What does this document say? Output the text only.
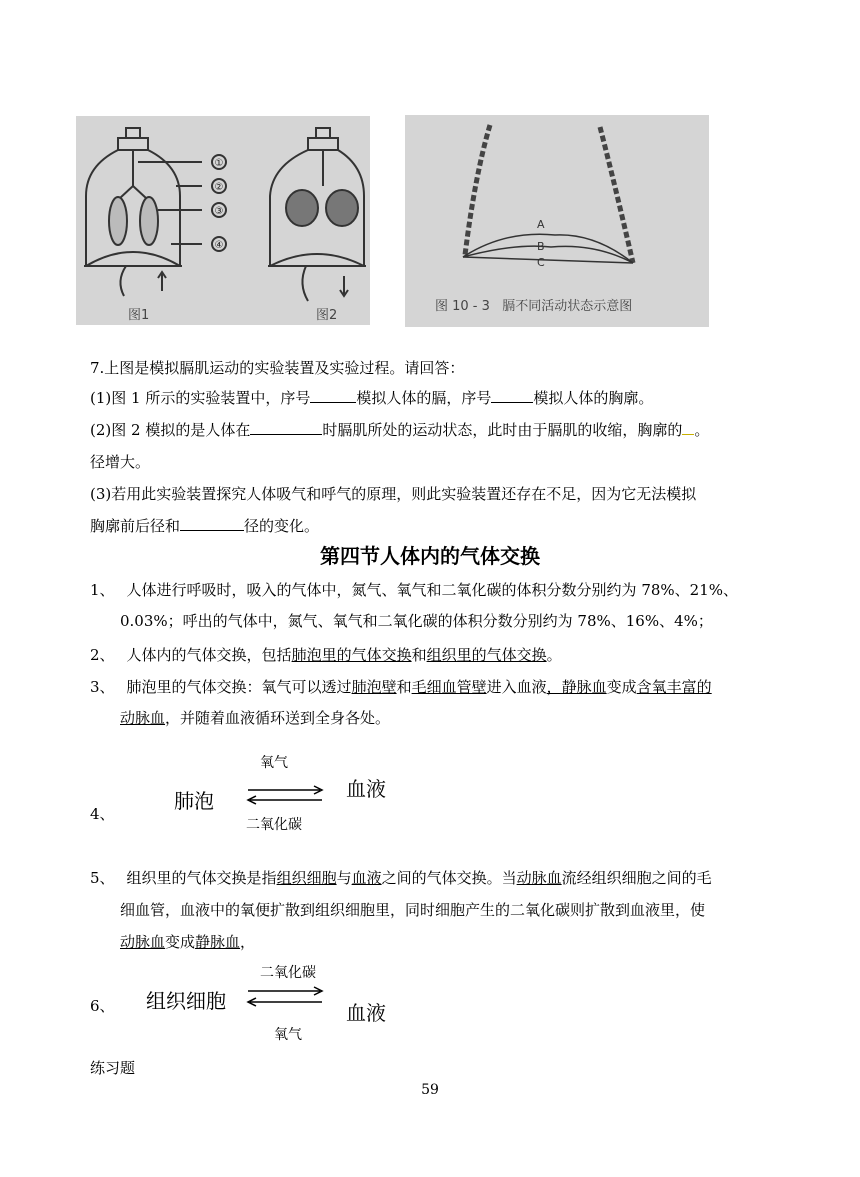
①
②
③
④
图1	图2
A
B
C
图 10 - 3   膈不同活动状态示意图
7.上图是模拟膈肌运动的实验装置及实验过程。请回答：
(1)图 1 所示的实验装置中，序号	模拟人体的膈，序号	模拟人体的胸廓。
(2)图 2 模拟的是人体在	时膈肌所处的运动状态，此时由于膈肌的收缩，胸廓的 。
径增大。
(3)若用此实验装置探究人体吸气和呼气的原理，则此实验装置还存在不足，因为它无法模拟
胸廓前后径和	径的变化。
第四节人体内的气体交换
1、 人体进行呼吸时，吸入的气体中，氮气、氧气和二氧化碳的体积分数分别约为 78%、21%、
0.03%；呼出的气体中，氮气、氧气和二氧化碳的体积分数分别约为 78%、16%、4%；
2、 人体内的气体交换，包括肺泡里的气体交换和组织里的气体交换。
3、 肺泡里的气体交换：氧气可以透过肺泡壁和毛细血管壁进入血液，静脉血变成含氧丰富的
动脉血，并随着血液循环送到全身各处。
4、
氧气
肺泡	血液
二氧化碳
5、 组织里的气体交换是指组织细胞与血液之间的气体交换。当动脉血流经组织细胞之间的毛
细血管，血液中的氧便扩散到组织细胞里，同时细胞产生的二氧化碳则扩散到血液里，使
动脉血变成静脉血，
6、
二氧化碳
组织细胞	血液
氧气
练习题
59
